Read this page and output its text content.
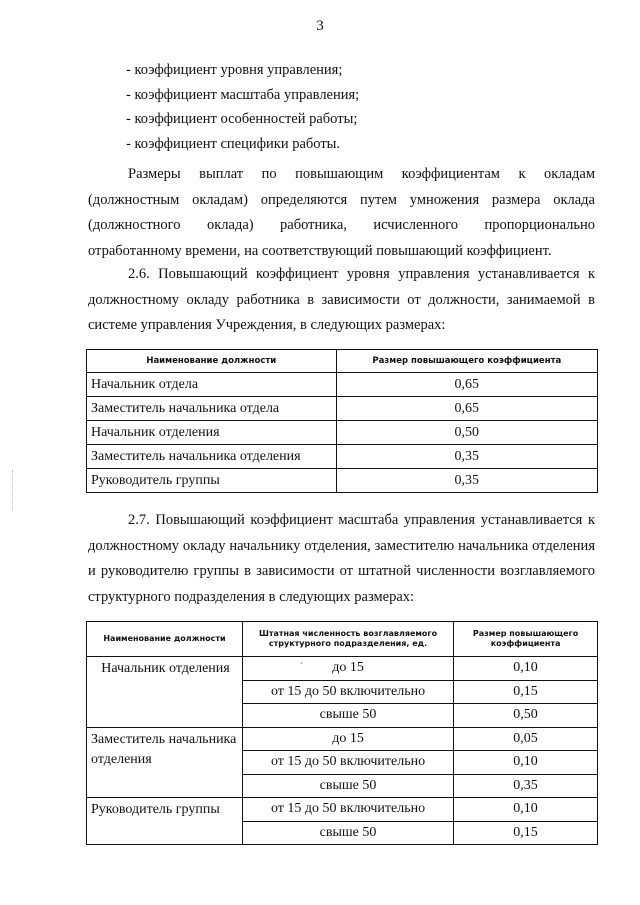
3
- коэффициент уровня управления;
- коэффициент масштаба управления;
- коэффициент особенностей работы;
- коэффициент специфики работы.
Размеры выплат по повышающим коэффициентам к окладам (должностным окладам) определяются путем умножения размера оклада (должностного оклада) работника, исчисленного пропорционально отработанному времени, на соответствующий повышающий коэффициент.
2.6. Повышающий коэффициент уровня управления устанавливается к должностному окладу работника в зависимости от должности, занимаемой в системе управления Учреждения, в следующих размерах:
Наименование должности	Размер повышающего коэффициента
Начальник отдела	0,65
Заместитель начальника отдела	0,65
Начальник отделения	0,50
Заместитель начальника отделения	0,35
Руководитель группы	0,35
2.7. Повышающий коэффициент масштаба управления устанавливается к должностному окладу начальнику отделения, заместителю начальника отделения и руководителю группы в зависимости от штатной численности возглавляемого структурного подразделения в следующих размерах:
Наименование должности	Штатная численность возглавляемого структурного подразделения, ед.	Размер повышающего коэффициента
Начальник отделения	до 15	0,10
	от 15 до 50 включительно	0,15
	свыше 50	0,50
Заместитель начальника отделения	до 15	0,05
	от 15 до 50 включительно	0,10
	свыше 50	0,35
Руководитель группы	от 15 до 50 включительно	0,10
	свыше 50	0,15
ˋ
